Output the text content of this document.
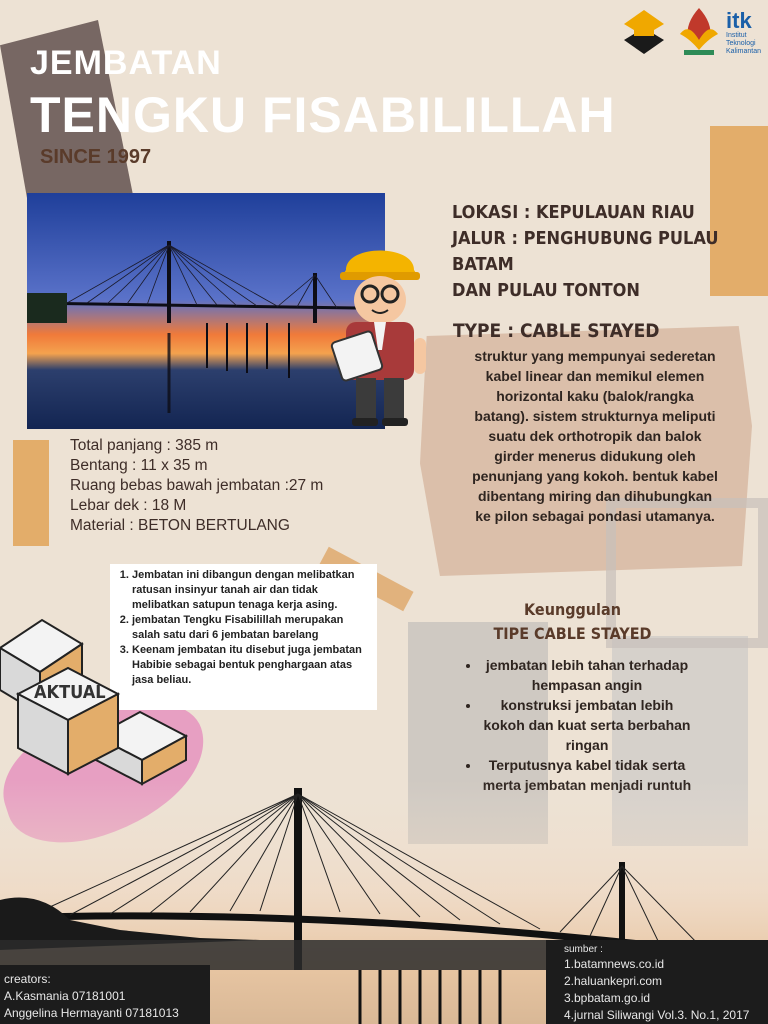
itk
Institut
Teknologi
Kalimantan
JEMBATAN
TENGKU FISABILILLAH
SINCE 1997
LOKASI : KEPULAUAN RIAU
JALUR : PENGHUBUNG PULAU BATAM
DAN PULAU TONTON
TYPE : CABLE STAYED
struktur yang mempunyai sederetan kabel linear dan memikul elemen horizontal kaku (balok/rangka batang). sistem strukturnya meliputi suatu dek orthotropik dan balok girder menerus didukung oleh penunjang yang kokoh. bentuk kabel dibentang miring dan dihubungkan ke pilon sebagai pondasi utamanya.
Total panjang : 385 m
Bentang : 11 x 35 m
Ruang bebas bawah jembatan :27 m
Lebar dek : 18 M
Material : BETON BERTULANG
1. Jembatan ini dibangun dengan melibatkan ratusan insinyur tanah air dan tidak melibatkan satupun tenaga kerja asing.
2. jembatan Tengku Fisabilillah merupakan salah satu dari 6 jembatan barelang
3. Keenam jembatan itu disebut juga jembatan Habibie sebagai bentuk penghargaan atas jasa beliau.
AKTUAL
Keunggulan
TIPE CABLE STAYED
• jembatan lebih tahan terhadap hempasan angin
• konstruksi jembatan lebih kokoh dan kuat serta berbahan ringan
• Terputusnya kabel tidak serta
creators:
A.Kasmania 07181001
Anggelina Hermayanti 07181013
sumber :
1.batamnews.co.id
2.haluankepri.com
3.bpbatam.go.id
4.jurnal Siliwangi Vol.3. No.1, 2017
